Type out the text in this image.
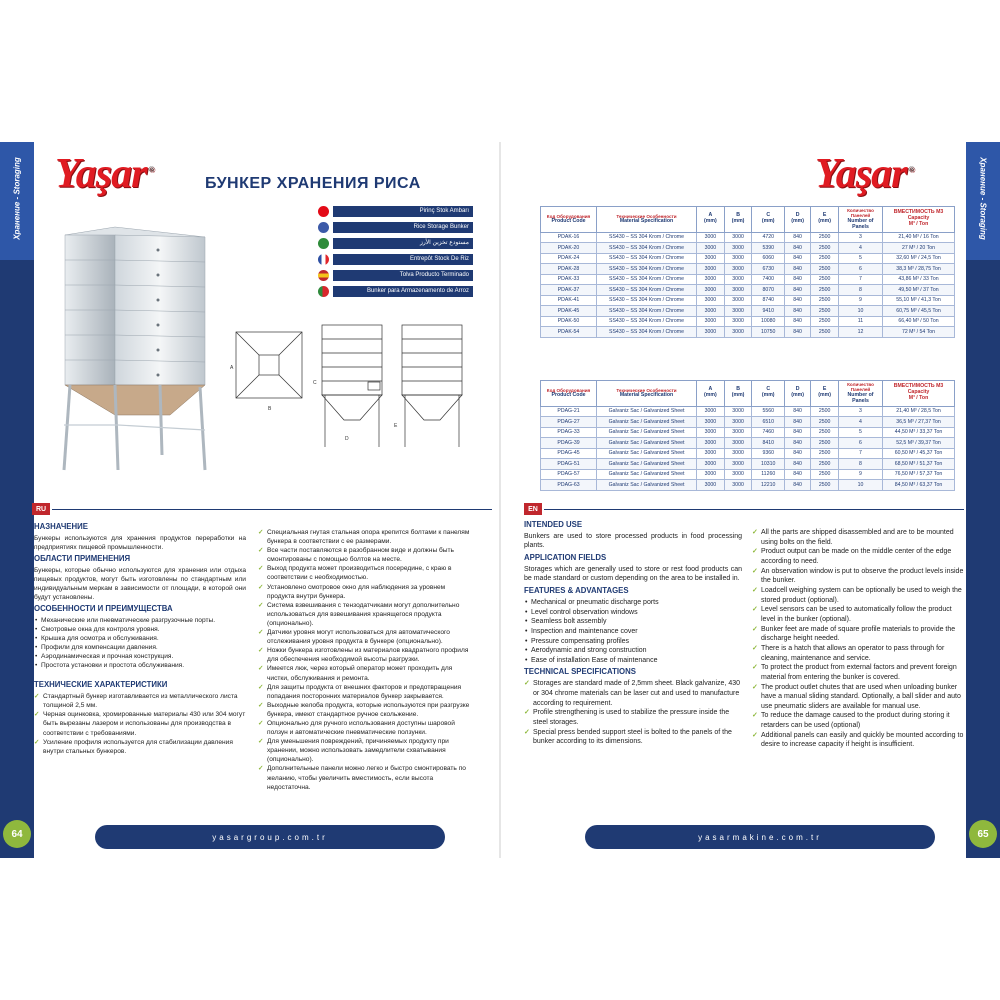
Хранение - Storaging
64
Хранение - Storaging
65
Yaşar ®
БУНКЕР ХРАНЕНИЯ РИСА
Pirinç Stok Ambarı
Rice Storage Bunker
مستودع تخزين الأرز
Entrepôt Stock De Riz
Tolva Producto Terminado
Bunker para Armazenamento de Arroz
A
B
C
D
E
Yaşar ®
Код Оборудования
Product Code	Технические Особенности
Material Specification	A
(mm)	B
(mm)	C
(mm)	D
(mm)	E
(mm)	Количество Панелей
Number of Panels	ВМЕСТИМОСТЬ М3
Capacity
M³ / Ton
PDAK-16	SS430 – SS 304 Krom / Chrome	3000	3000	4720	840	2500	3	21,40 M³ / 16 Ton
PDAK-20	SS430 – SS 304 Krom / Chrome	3000	3000	5390	840	2500	4	27 M³ / 20 Ton
PDAK-24	SS430 – SS 304 Krom / Chrome	3000	3000	6060	840	2500	5	32,60 M³ / 24,5 Ton
PDAK-28	SS430 – SS 304 Krom / Chrome	3000	3000	6730	840	2500	6	38,3 M³ / 28,75 Ton
PDAK-33	SS430 – SS 304 Krom / Chrome	3000	3000	7400	840	2500	7	43,86 M³ / 33 Ton
PDAK-37	SS430 – SS 304 Krom / Chrome	3000	3000	8070	840	2500	8	49,50 M³ / 37 Ton
PDAK-41	SS430 – SS 304 Krom / Chrome	3000	3000	8740	840	2500	9	55,10 M³ / 41,3 Ton
PDAK-45	SS430 – SS 304 Krom / Chrome	3000	3000	9410	840	2500	10	60,75 M³ / 45,5 Ton
PDAK-50	SS430 – SS 304 Krom / Chrome	3000	3000	10080	840	2500	11	66,40 M³ / 50 Ton
PDAK-54	SS430 – SS 304 Krom / Chrome	3000	3000	10750	840	2500	12	72 M³ / 54 Ton
Код Оборудования
Product Code	Технические Особенности
Material Specification	A
(mm)	B
(mm)	C
(mm)	D
(mm)	E
(mm)	Количество Панелей
Number of Panels	ВМЕСТИМОСТЬ М3
Capacity
M³ / Ton
PDAG-21	Galvaniz Sac / Galvanized Sheet	3000	3000	5560	840	2500	3	21,40 M³ / 28,5 Ton
PDAG-27	Galvaniz Sac / Galvanized Sheet	3000	3000	6510	840	2500	4	36,5 M³ / 27,37 Ton
PDAG-33	Galvaniz Sac / Galvanized Sheet	3000	3000	7460	840	2500	5	44,50 M³ / 33,37 Ton
PDAG-39	Galvaniz Sac / Galvanized Sheet	3000	3000	8410	840	2500	6	52,5 M³ / 39,37 Ton
PDAG-45	Galvaniz Sac / Galvanized Sheet	3000	3000	9360	840	2500	7	60,50 M³ / 45,37 Ton
PDAG-51	Galvaniz Sac / Galvanized Sheet	3000	3000	10310	840	2500	8	68,50 M³ / 51,37 Ton
PDAG-57	Galvaniz Sac / Galvanized Sheet	3000	3000	11260	840	2500	9	76,50 M³ / 57,37 Ton
PDAG-63	Galvaniz Sac / Galvanized Sheet	3000	3000	12210	840	2500	10	84,50 M³ / 63,37 Ton
RU
НАЗНАЧЕНИЕ

Бункеры используются для хранения продуктов переработки на предприятиях пищевой промышленности.

ОБЛАСТИ ПРИМЕНЕНИЯ

Бункеры, которые обычно используются для хранения или отдыха пищевых продуктов, могут быть изготовлены по стандартным или индивидуальным меркам в зависимости от площади, в которой они будут установлены.

ОСОБЕННОСТИ И ПРЕИМУЩЕСТВА
• Механические или пневматические разгрузочные порты.
• Смотровые окна для контроля уровня.
• Крышка для осмотра и обслуживания.
• Профили для компенсации давления.
• Аэродинамическая и прочная конструкция.
• Простота установки и простота обслуживания.
ТЕХНИЧЕСКИЕ ХАРАКТЕРИСТИКИ
✓ Стандартный бункер изготавливается из металлического листа толщиной 2,5 мм.
✓ Черная оцинковка, хромированные материалы 430 или 304 могут быть вырезаны лазером и использованы для производства в соответствии с требованиями.
✓ Усиление профиля используется для стабилизации давления внутри стальных бункеров.
✓ Специальная гнутая стальная опора крепится болтами к панелям бункера в соответствии с ее размерами.
✓ Все части поставляются в разобранном виде и должны быть смонтированы с помощью болтов на месте.
✓ Выход продукта может производиться посередине, с краю в соответствии с необходимостью.
✓ Установлено смотровое окно для наблюдения за уровнем продукта внутри бункера.
✓ Система взвешивания с тензодатчиками могут дополнительно использоваться для взвешивания хранящегося продукта (опционально).
✓ Датчики уровня могут использоваться для автоматического отслеживания уровня продукта в бункере (опционально).
✓ Ножки бункера изготовлены из материалов квадратного профиля для обеспечения необходимой высоты разгрузки.
✓ Имеется люк, через который оператор может проходить для чистки, обслуживания и ремонта.
✓ Для защиты продукта от внешних факторов и предотвращения попадания посторонних материалов бункер закрывается.
✓ Выходные желоба продукта, которые используются при разгрузке бункера, имеют стандартное ручное скольжение.
✓ Опционально для ручного использования доступны шаровой ползун и автоматические пневматические ползунки.
✓ Для уменьшения повреждений, причиняемых продукту при хранении, можно использовать замедлители схватывания (опционально).
✓ Дополнительные панели можно легко и быстро смонтировать по желанию, чтобы увеличить вместимость, если высота недостаточна.
EN
INTENDED USE

Bunkers are used to store processed products in food processing plants.

APPLICATION FIELDS

Storages which are generally used to store or rest food products can be made standard or custom depending on the area to be installed in.

FEATURES & ADVANTAGES
• Mechanical or pneumatic discharge ports
• Level control observation windows
• Seamless bolt assembly
• Inspection and maintenance cover
• Pressure compensating profiles
• Aerodynamic and strong construction
• Ease of installation Ease of maintenance
TECHNICAL SPECIFICATIONS
✓ Storages are standard made of 2,5mm sheet. Black galvanize, 430 or 304 chrome materials can be laser cut and used to manufacture according to requirement.
✓ Profile strengthening is used to stabilize the pressure inside the steel storages.
✓ Special press bended support steel is bolted to the panels of the bunker according to its dimensions.
✓ All the parts are shipped disassembled and are to be mounted using bolts on the field.
✓ Product output can be made on the middle center of the edge according to need.
✓ An observation window is put to observe the product levels inside the bunker.
✓ Loadcell weighing system can be optionally be used to weigh the stored product (optional).
✓ Level sensors can be used to automatically follow the product level in the bunker (optional).
✓ Bunker feet are made of square profile materials to provide the discharge height needed.
✓ There is a hatch that allows an operator to pass through for cleaning, maintenance and service.
✓ To protect the product from external factors and prevent foreign material from entering the bunker is covered.
✓ The product outlet chutes that are used when unloading bunker have a manual sliding standard. Optionally, a ball slider and auto use pneumatic sliders are available for manual use.
✓ To reduce the damage caused to the product during storing it retarders can be used (optional)
✓ Additional panels can easily and quickly be mounted according to desire to increase capacity if height is insufficient.
yasargroup.com.tr	yasarmakine.com.tr
